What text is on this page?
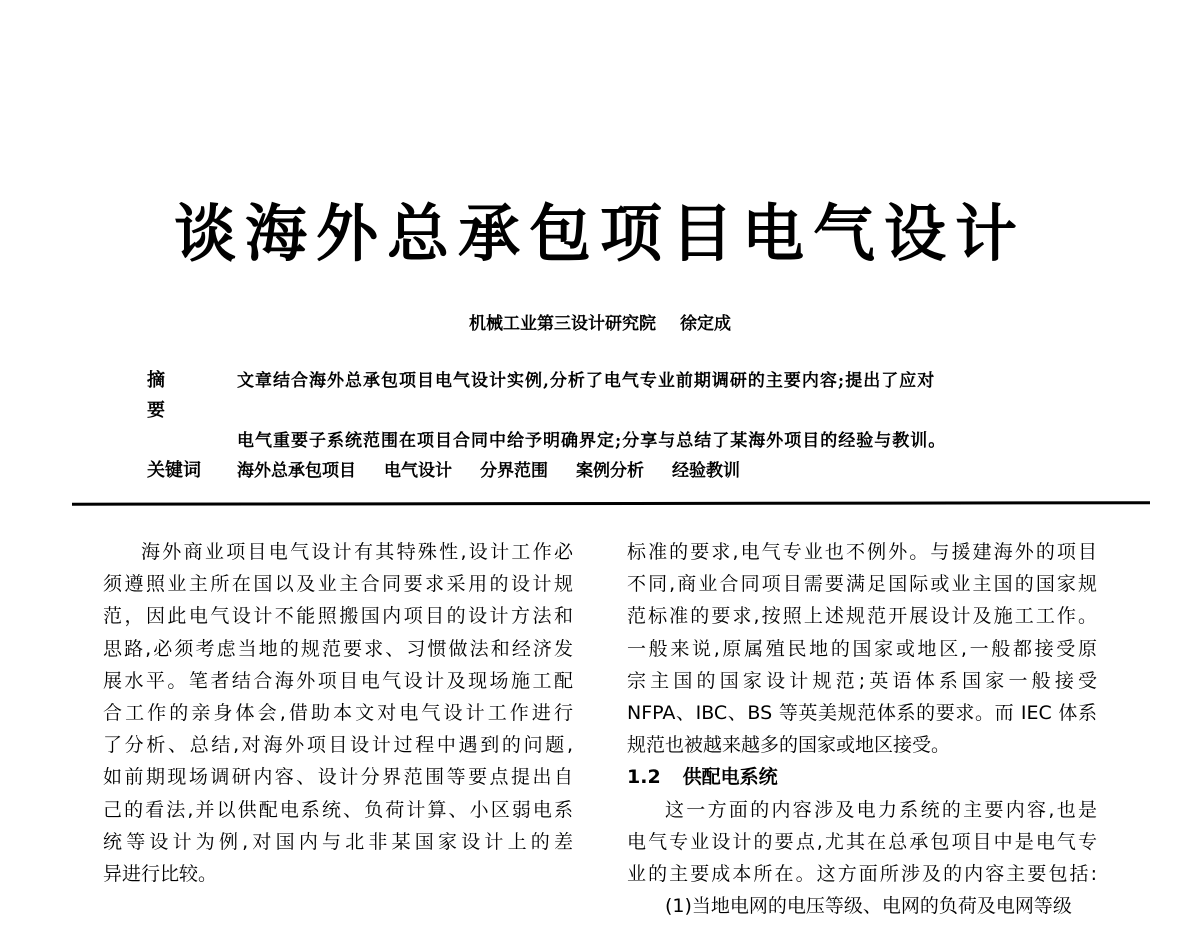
谈海外总承包项目电气设计
机械工业第三设计研究院 徐定成
摘 要
文章结合海外总承包项目电气设计实例,分析了电气专业前期调研的主要内容;提出了应对
电气重要子系统范围在项目合同中给予明确界定;分享与总结了某海外项目的经验与教训。
关键词	海外总承包项目 电气设计 分界范围 案例分析 经验教训

海外商业项目电气设计有其特殊性,设计工作必

须遵照业主所在国以及业主合同要求采用的设计规

范，因此电气设计不能照搬国内项目的设计方法和

思路,必须考虑当地的规范要求、习惯做法和经济发

展水平。笔者结合海外项目电气设计及现场施工配

合工作的亲身体会,借助本文对电气设计工作进行

了分析、总结,对海外项目设计过程中遇到的问题,

如前期现场调研内容、设计分界范围等要点提出自

己的看法,并以供配电系统、负荷计算、小区弱电系

统等设计为例,对国内与北非某国家设计上的差

异进行比较。

标准的要求,电气专业也不例外。与援建海外的项目

不同,商业合同项目需要满足国际或业主国的国家规

范标准的要求,按照上述规范开展设计及施工工作。

一般来说,原属殖民地的国家或地区,一般都接受原

宗主国的国家设计规范;英语体系国家一般接受

NFPA、IBC、BS 等英美规范体系的要求。而 IEC 体系

规范也被越来越多的国家或地区接受。

1.2 供配电系统

这一方面的内容涉及电力系统的主要内容,也是

电气专业设计的要点,尤其在总承包项目中是电气专

业的主要成本所在。这方面所涉及的内容主要包括:

(1)当地电网的电压等级、电网的负荷及电网等级
